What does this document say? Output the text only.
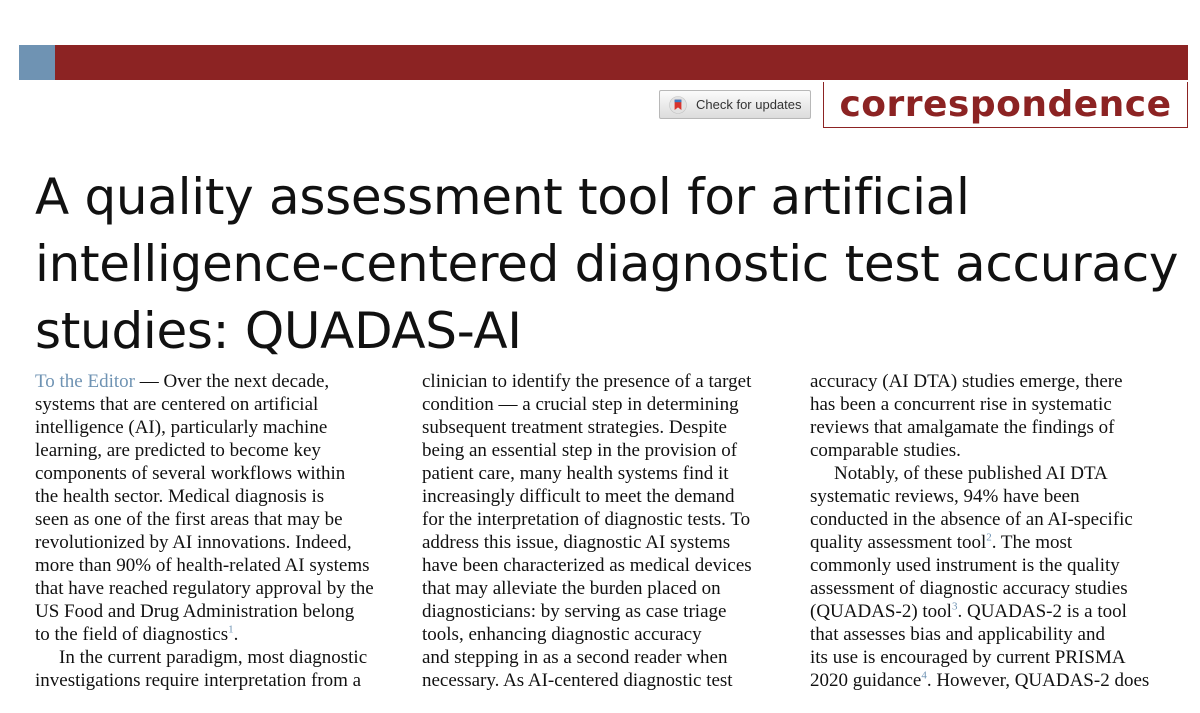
Check for updates correspondence
A quality assessment tool for artificial
intelligence-centered diagnostic test accuracy
studies: QUADAS-AI
To the Editor — Over the next decade,
systems that are centered on artificial
intelligence (AI), particularly machine
learning, are predicted to become key
components of several workflows within
the health sector. Medical diagnosis is
seen as one of the first areas that may be
revolutionized by AI innovations. Indeed,
more than 90% of health-related AI systems
that have reached regulatory approval by the
US Food and Drug Administration belong
to the field of diagnostics$^1$.
In the current paradigm, most diagnostic
investigations require interpretation from a
clinician to identify the presence of a target
condition — a crucial step in determining
subsequent treatment strategies. Despite
being an essential step in the provision of
patient care, many health systems find it
increasingly difficult to meet the demand
for the interpretation of diagnostic tests. To
address this issue, diagnostic AI systems
have been characterized as medical devices
that may alleviate the burden placed on
diagnosticians: by serving as case triage
tools, enhancing diagnostic accuracy
and stepping in as a second reader when
necessary. As AI-centered diagnostic test
accuracy (AI DTA) studies emerge, there
has been a concurrent rise in systematic
reviews that amalgamate the findings of
comparable studies.
Notably, of these published AI DTA
systematic reviews, 94% have been
conducted in the absence of an AI-specific
quality assessment tool$^2$. The most
commonly used instrument is the quality
assessment of diagnostic accuracy studies
(QUADAS-2) tool$^3$. QUADAS-2 is a tool
that assesses bias and applicability and
its use is encouraged by current PRISMA
2020 guidance$^4$. However, QUADAS-2 does
